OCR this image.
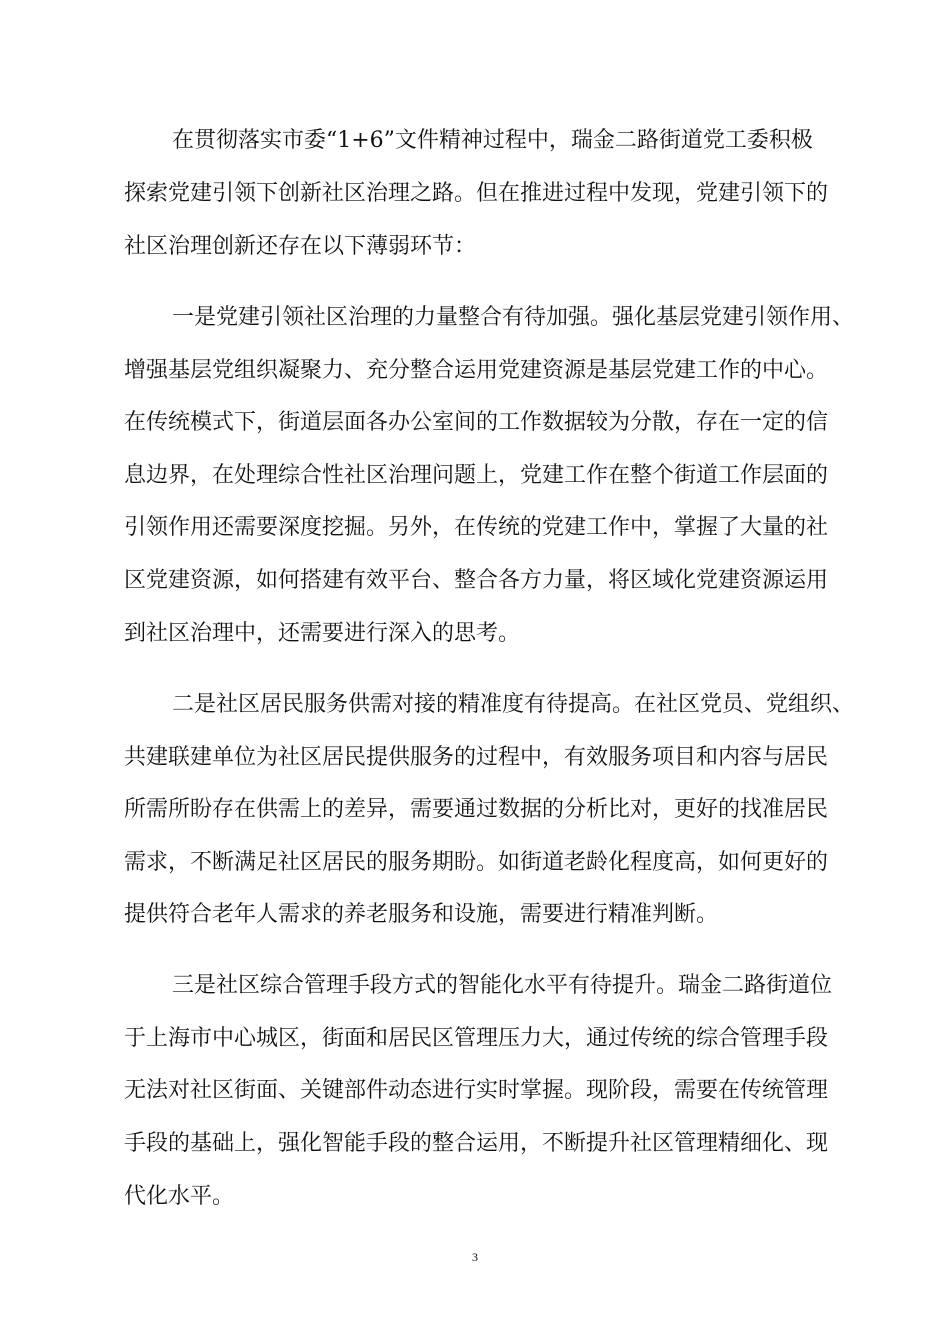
在贯彻落实市委“1+6”文件精神过程中，瑞金二路街道党工委积极
探索党建引领下创新社区治理之路。但在推进过程中发现，党建引领下的
社区治理创新还存在以下薄弱环节：
一是党建引领社区治理的力量整合有待加强。强化基层党建引领作用、
增强基层党组织凝聚力、充分整合运用党建资源是基层党建工作的中心。
在传统模式下，街道层面各办公室间的工作数据较为分散，存在一定的信
息边界，在处理综合性社区治理问题上，党建工作在整个街道工作层面的
引领作用还需要深度挖掘。另外，在传统的党建工作中，掌握了大量的社
区党建资源，如何搭建有效平台、整合各方力量，将区域化党建资源运用
到社区治理中，还需要进行深入的思考。
二是社区居民服务供需对接的精准度有待提高。在社区党员、党组织、
共建联建单位为社区居民提供服务的过程中，有效服务项目和内容与居民
所需所盼存在供需上的差异，需要通过数据的分析比对，更好的找准居民
需求，不断满足社区居民的服务期盼。如街道老龄化程度高，如何更好的
提供符合老年人需求的养老服务和设施，需要进行精准判断。
三是社区综合管理手段方式的智能化水平有待提升。瑞金二路街道位
于上海市中心城区，街面和居民区管理压力大，通过传统的综合管理手段
无法对社区街面、关键部件动态进行实时掌握。现阶段，需要在传统管理
手段的基础上，强化智能手段的整合运用，不断提升社区管理精细化、现
代化水平。
3
